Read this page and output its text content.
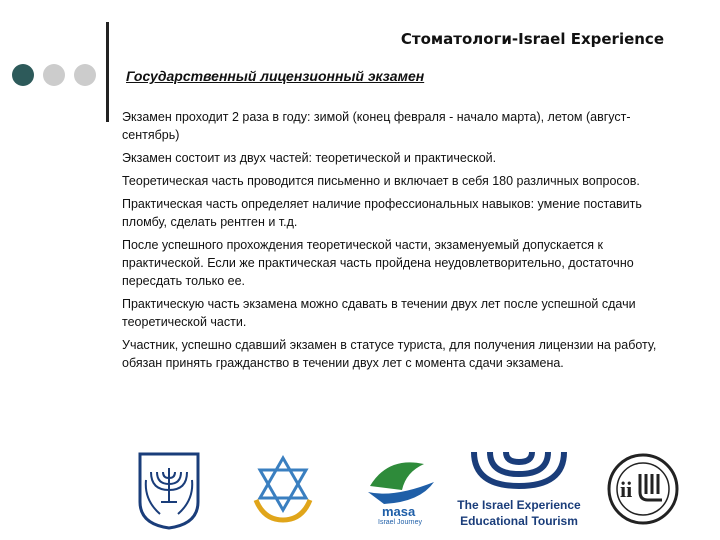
Стоматологи-Israel Experience
Государственный лицензионный экзамен

Экзамен проходит 2 раза в году: зимой (конец февраля - начало марта), летом (август-сентябрь)

Экзамен состоит из двух частей: теоретической и практической.

Теоретическая часть проводится письменно и включает в себя 180 различных вопросов.

Практическая часть определяет наличие профессиональных навыков: умение поставить пломбу, сделать рентген и т.д.

После успешного прохождения теоретической части, экзаменуемый допускается к практической. Если же практическая часть пройдена неудовлетворительно, достаточно пересдать только ее.

Практическую часть экзамена можно сдавать в течении двух лет после успешной сдачи теоретической части.

Участник, успешно сдавший экзамен в статусе туриста, для получения лицензии на работу, обязан принять гражданство в течении двух лет с момента сдачи экзамена.

masa
Israel Journey
The Israel Experience
Educational Tourism
ii
